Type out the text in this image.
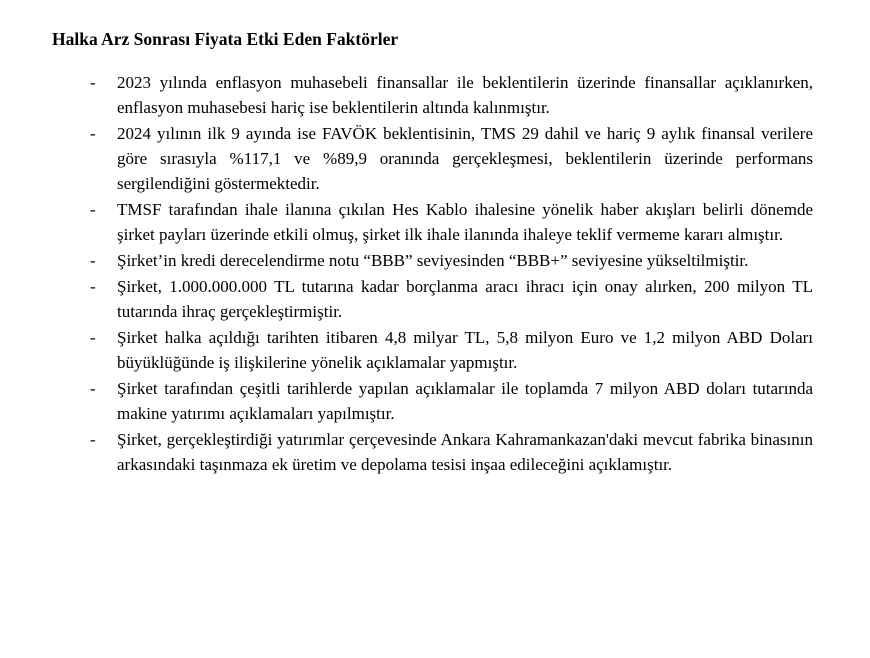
Halka Arz Sonrası Fiyata Etki Eden Faktörler
- 2023 yılında enflasyon muhasebeli finansallar ile beklentilerin üzerinde finansallar açıklanırken, enflasyon muhasebesi hariç ise beklentilerin altında kalınmıştır.
- 2024 yılının ilk 9 ayında ise FAVÖK beklentisinin, TMS 29 dahil ve hariç 9 aylık finansal verilere göre sırasıyla %117,1 ve %89,9 oranında gerçekleşmesi, beklentilerin üzerinde performans sergilendiğini göstermektedir.
- TMSF tarafından ihale ilanına çıkılan Hes Kablo ihalesine yönelik haber akışları belirli dönemde şirket payları üzerinde etkili olmuş, şirket ilk ihale ilanında ihaleye teklif vermeme kararı almıştır.
- Şirket’in kredi derecelendirme notu “BBB” seviyesinden “BBB+” seviyesine yükseltilmiştir.
- Şirket, 1.000.000.000 TL tutarına kadar borçlanma aracı ihracı için onay alırken, 200 milyon TL tutarında ihraç gerçekleştirmiştir.
- Şirket halka açıldığı tarihten itibaren 4,8 milyar TL, 5,8 milyon Euro ve 1,2 milyon ABD Doları büyüklüğünde iş ilişkilerine yönelik açıklamalar yapmıştır.
- Şirket tarafından çeşitli tarihlerde yapılan açıklamalar ile toplamda 7 milyon ABD doları tutarında makine yatırımı açıklamaları yapılmıştır.
- Şirket, gerçekleştirdiği yatırımlar çerçevesinde Ankara Kahramankazan'daki mevcut fabrika binasının arkasındaki taşınmaza ek üretim ve depolama tesisi inşaa edileceğini açıklamıştır.
